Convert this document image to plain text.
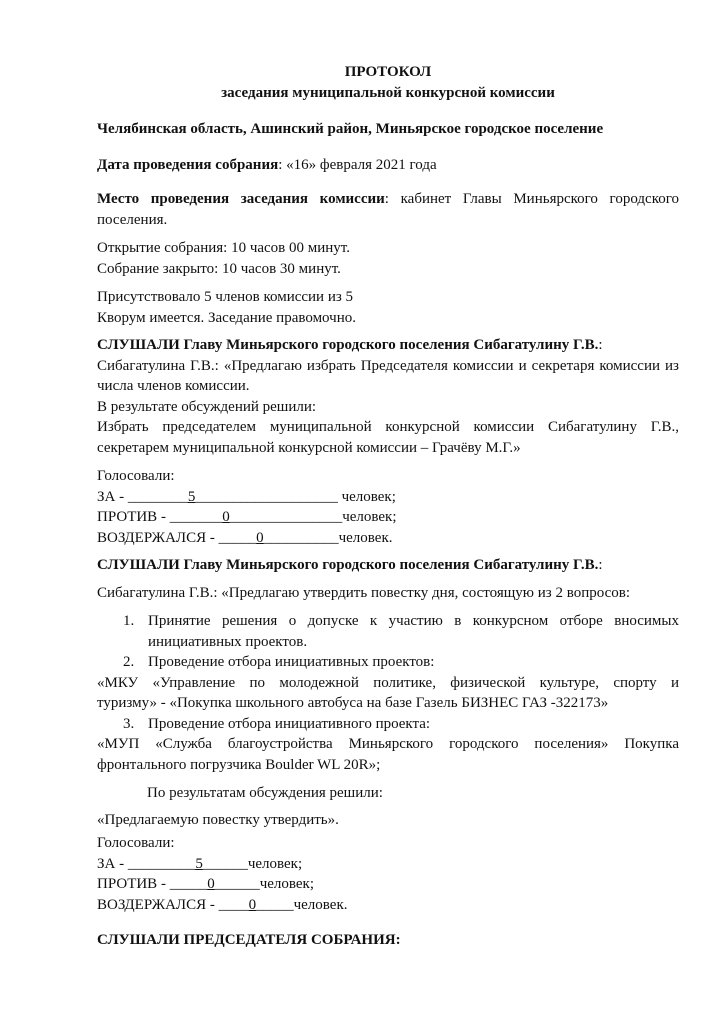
ПРОТОКОЛ
заседания муниципальной конкурсной комиссии
Челябинская область, Ашинский район, Миньярское городское поселение
Дата проведения собрания: «16» февраля 2021 года
Место проведения заседания комиссии: кабинет Главы Миньярского городского
поселения.
Открытие собрания: 10 часов 00 минут.
Собрание закрыто: 10 часов 30 минут.
Присутствовало 5 членов комиссии из 5
Кворум имеется. Заседание правомочно.
СЛУШАЛИ Главу Миньярского городского поселения Сибагатулину Г.В.:
Сибагатулина Г.В.: «Предлагаю избрать Председателя комиссии и секретаря комиссии из
числа членов комиссии.
В результате обсуждений решили:
Избрать председателем муниципальной конкурсной комиссии Сибагатулину Г.В.,
секретарем муниципальной конкурсной комиссии – Грачёву М.Г.»
Голосовали:
ЗА - ________5___________________ человек;
ПРОТИВ - _______0_______________человек;
ВОЗДЕРЖАЛСЯ - _____0__________человек.
СЛУШАЛИ Главу Миньярского городского поселения Сибагатулину Г.В.:
Сибагатулина Г.В.: «Предлагаю утвердить повестку дня, состоящую из 2 вопросов:
1. Принятие решения о допуске к участию в конкурсном отборе вносимых
инициативных проектов.
2. Проведение отбора инициативных проектов:
«МКУ «Управление по молодежной политике, физической культуре, спорту и
туризму» - «Покупка школьного автобуса на базе Газель БИЗНЕС ГАЗ -322173»
3. Проведение отбора инициативного проекта:
«МУП «Служба благоустройства Миньярского городского поселения» Покупка
фронтального погрузчика Boulder WL 20R»;
По результатам обсуждения решили:
«Предлагаемую повестку утвердить».
Голосовали:
ЗА - _________5______человек;
ПРОТИВ - _____0______человек;
ВОЗДЕРЖАЛСЯ - ____0_____человек.
СЛУШАЛИ ПРЕДСЕДАТЕЛЯ СОБРАНИЯ:
